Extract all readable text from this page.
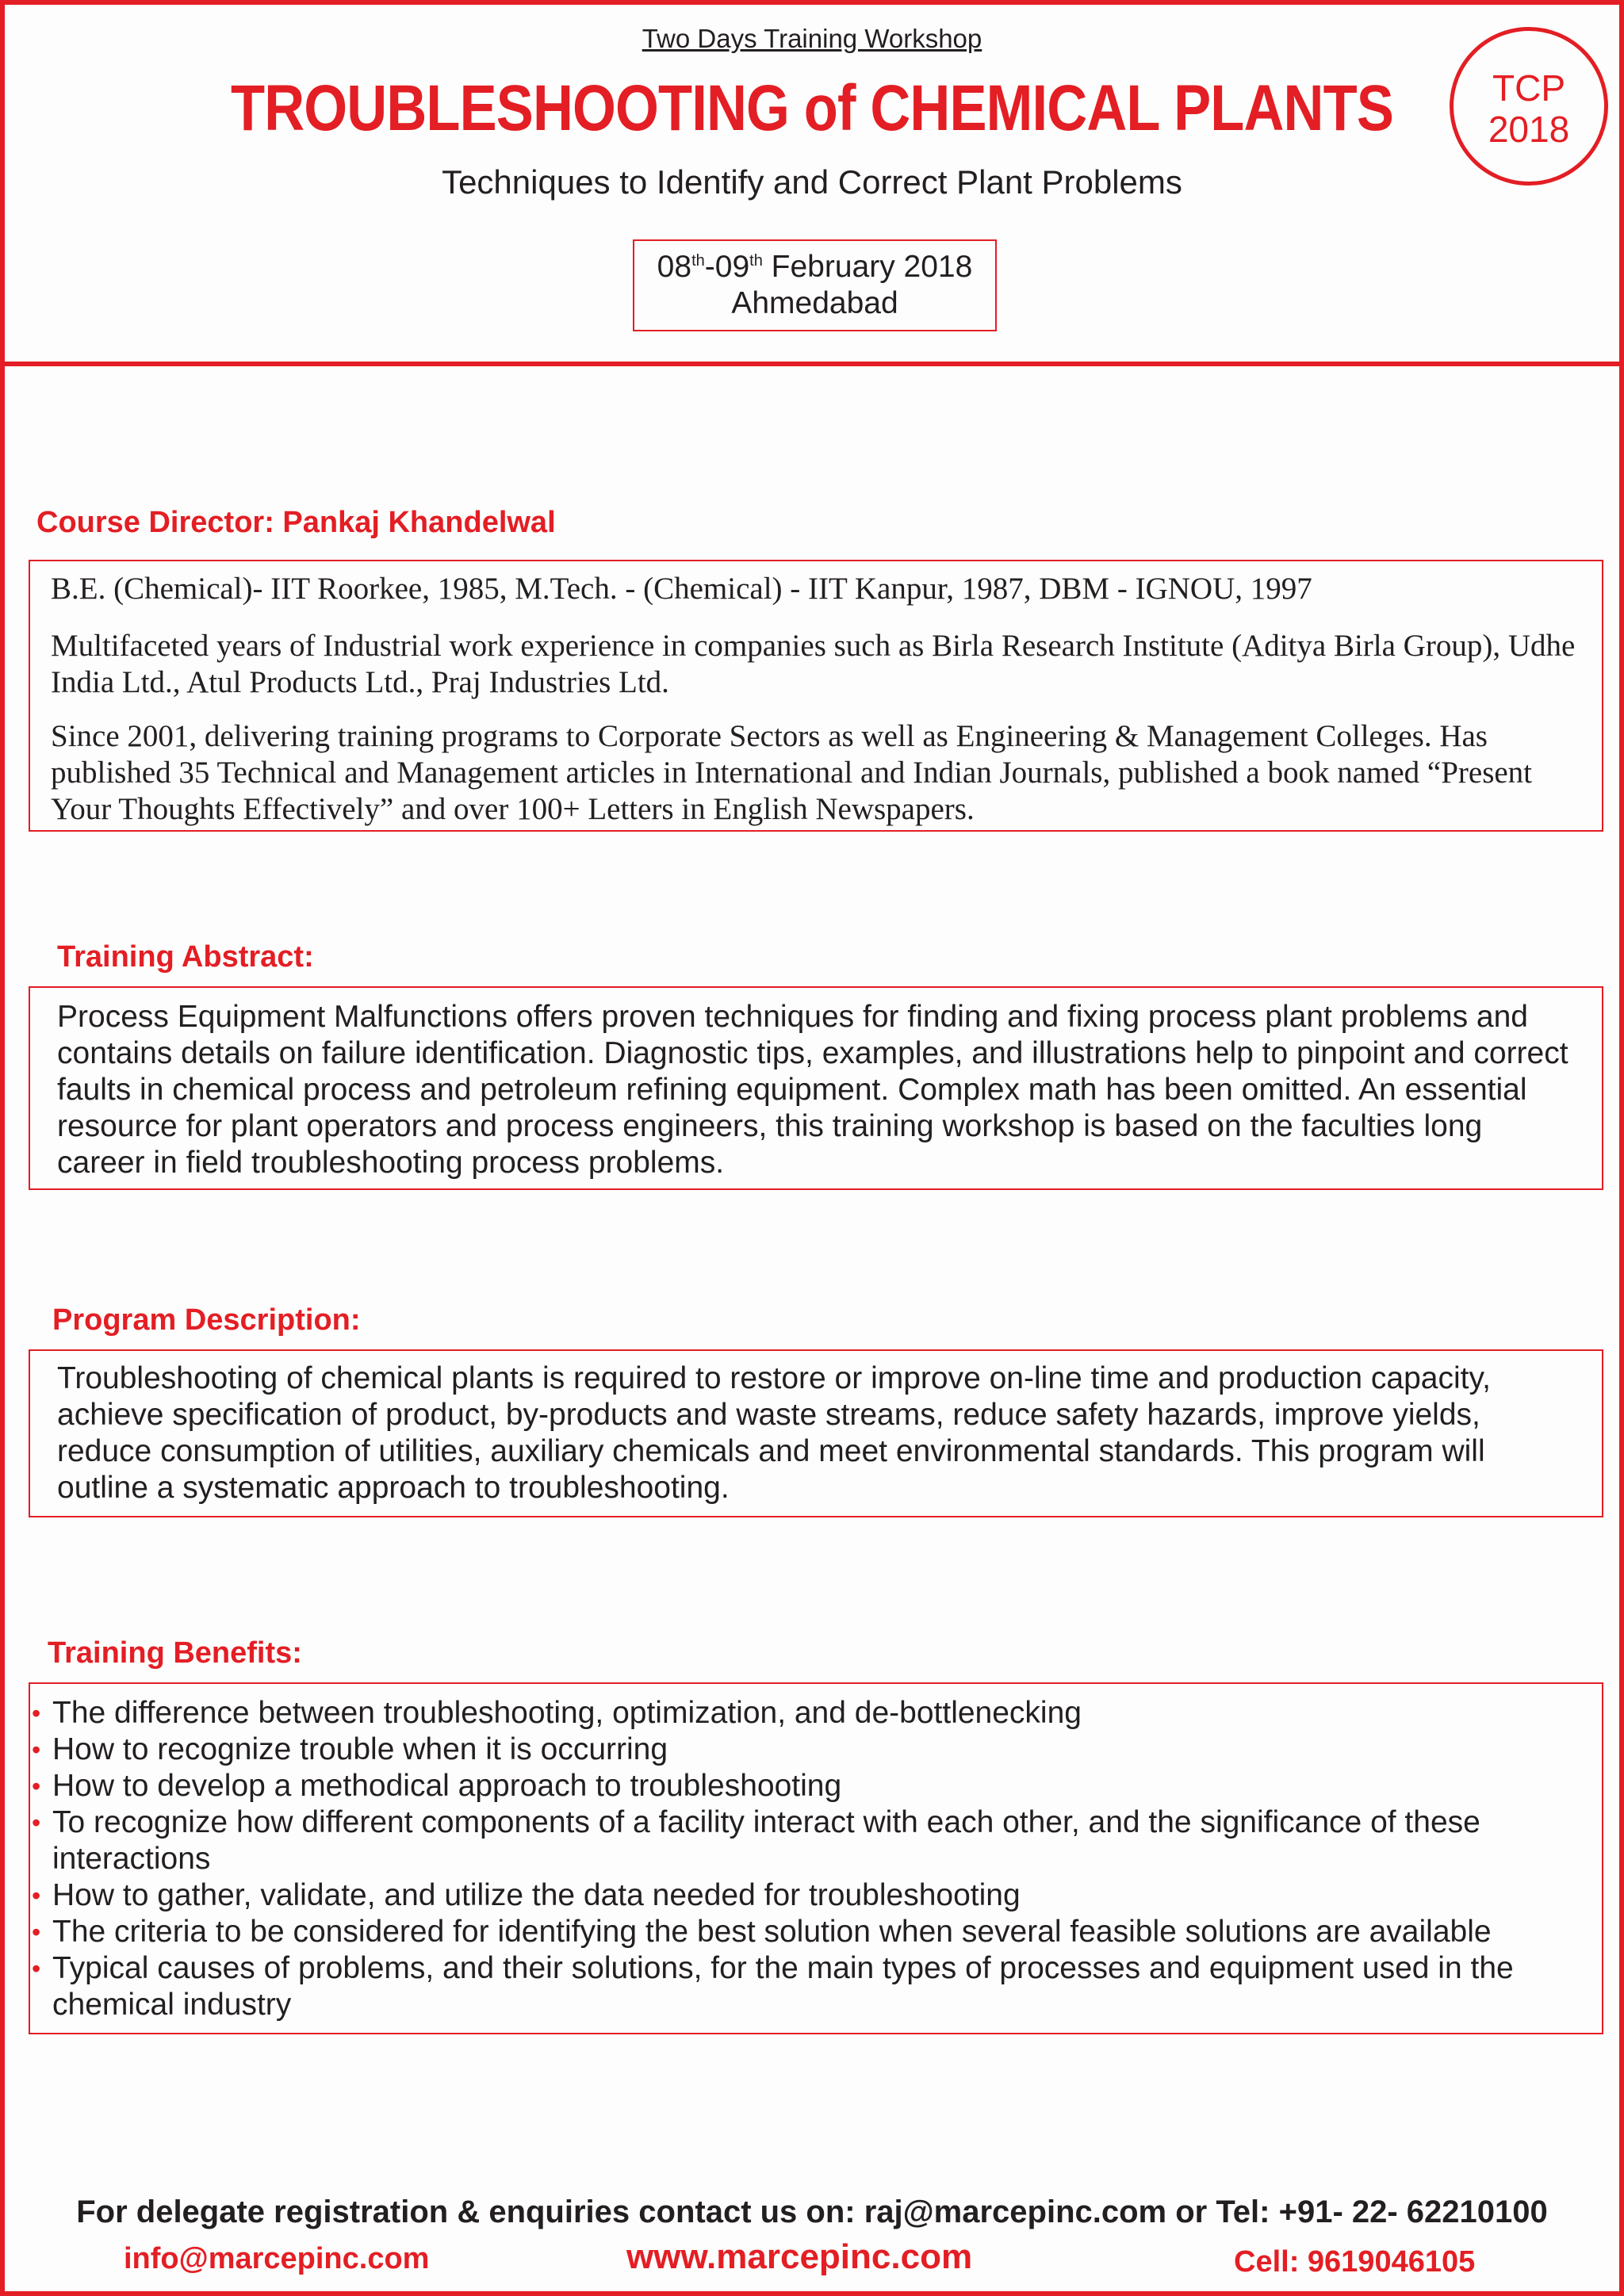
Two Days Training Workshop
TROUBLESHOOTING of CHEMICAL PLANTS
Techniques to Identify and Correct Plant Problems
08th-09th February 2018
Ahmedabad
TCP
2018
Course Director: Pankaj Khandelwal

B.E. (Chemical)- IIT Roorkee, 1985, M.Tech. - (Chemical) - IIT Kanpur, 1987, DBM - IGNOU, 1997

Multifaceted years of Industrial work experience in companies such as Birla Research Institute (Aditya Birla Group), Udhe India Ltd., Atul Products Ltd., Praj Industries Ltd.

Since 2001, delivering training programs to Corporate Sectors as well as Engineering & Management Colleges. Has published 35 Technical and Management articles in International and Indian Journals, published a book named “Present Your Thoughts Effectively” and over 100+ Letters in English Newspapers.

Training Abstract:
Process Equipment Malfunctions offers proven techniques for finding and fixing process plant problems and contains details on failure identification. Diagnostic tips, examples, and illustrations help to pinpoint and correct faults in chemical process and petroleum refining equipment. Complex math has been omitted. An essential resource for plant operators and process engineers, this training workshop is based on the faculties long career in field troubleshooting process problems.
Program Description:
Troubleshooting of chemical plants is required to restore or improve on-line time and production capacity, achieve specification of product, by-products and waste streams, reduce safety hazards, improve yields, reduce consumption of utilities, auxiliary chemicals and meet environmental standards. This program will outline a systematic approach to troubleshooting.
Training Benefits:
• The difference between troubleshooting, optimization, and de-bottlenecking
• How to recognize trouble when it is occurring
• How to develop a methodical approach to troubleshooting
• To recognize how different components of a facility interact with each other, and the significance of these interactions
• How to gather, validate, and utilize the data needed for troubleshooting
• The criteria to be considered for identifying the best solution when several feasible solutions are available
• Typical causes of problems, and their solutions, for the main types of processes and equipment used in the chemical industry
For delegate registration & enquiries contact us on: raj@marcepinc.com or Tel: +91- 22- 62210100
info@marcepinc.com	www.marcepinc.com	Cell: 9619046105
